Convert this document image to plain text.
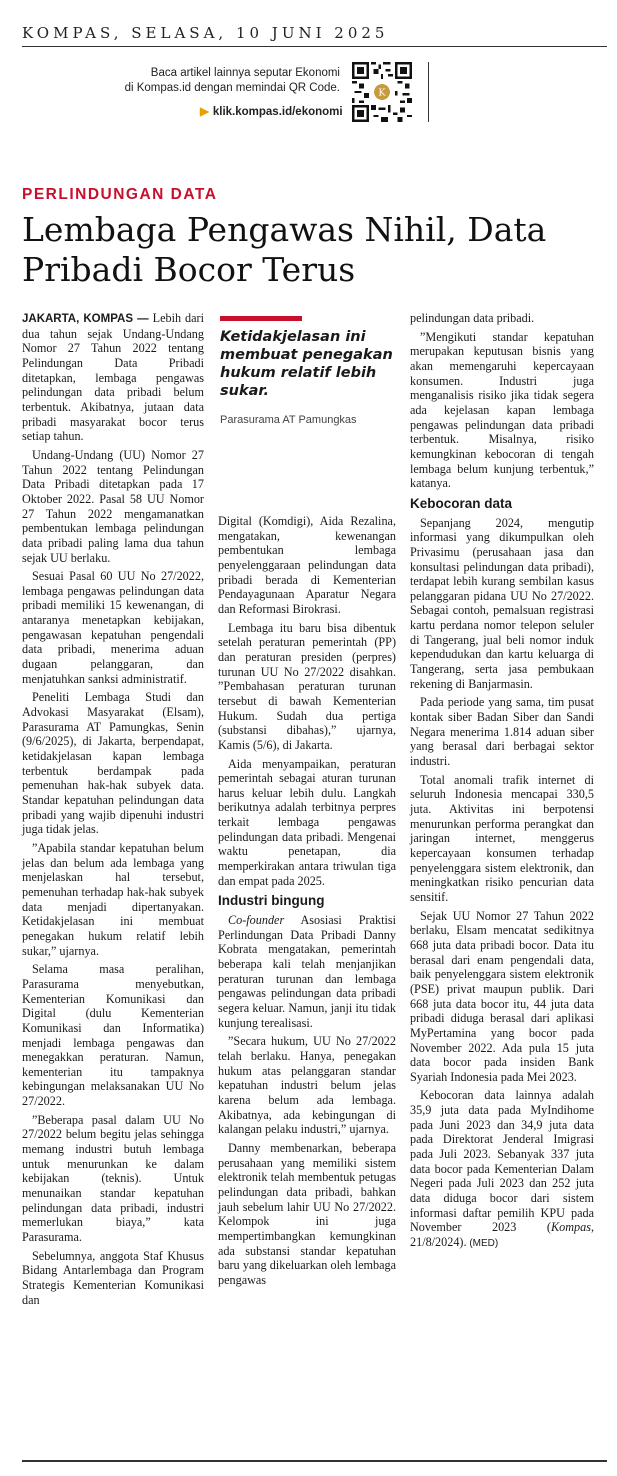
KOMPAS, SELASA, 10 JUNI 2025
Baca artikel lainnya seputar Ekonomi
di Kompas.id dengan memindai QR Code.
▶ klik.kompas.id/ekonomi
K
PERLINDUNGAN DATA
Lembaga Pengawas Nihil, Data Pribadi Bocor Terus

JAKARTA, KOMPAS — Lebih dari dua tahun sejak Undang-Undang Nomor 27 Tahun 2022 tentang Pelindungan Data Pribadi ditetapkan, lembaga pengawas pelindungan data pribadi belum terbentuk. Akibatnya, jutaan data pribadi masyarakat bocor terus setiap tahun.

Undang-Undang (UU) Nomor 27 Tahun 2022 tentang Pelindungan Data Pribadi ditetapkan pada 17 Oktober 2022. Pasal 58 UU Nomor 27 Tahun 2022 mengamanatkan pembentukan lembaga pelindungan data pribadi paling lama dua tahun sejak UU berlaku.

Sesuai Pasal 60 UU No 27/2022, lembaga pengawas pelindungan data pribadi memiliki 15 kewenangan, di antaranya menetapkan kebijakan, pengawasan kepatuhan pengendali data pribadi, menerima aduan dugaan pelanggaran, dan menjatuhkan sanksi administratif.

Peneliti Lembaga Studi dan Advokasi Masyarakat (Elsam), Parasurama AT Pamungkas, Senin (9/6/2025), di Jakarta, berpendapat, ketidakjelasan kapan lembaga terbentuk berdampak pada pemenuhan hak-hak subyek data. Standar kepatuhan pelindungan data pribadi yang wajib dipenuhi industri juga tidak jelas.

”Apabila standar kepatuhan belum jelas dan belum ada lembaga yang menjelaskan hal tersebut, pemenuhan terhadap hak-hak subyek data menjadi dipertanyakan. Ketidakjelasan ini membuat penegakan hukum relatif lebih sukar,” ujarnya.

Selama masa peralihan, Parasurama menyebutkan, Kementerian Komunikasi dan Digital (dulu Kementerian Komunikasi dan Informatika) menjadi lembaga pengawas dan menegakkan peraturan. Namun, kementerian itu tampaknya kebingungan melaksanakan UU No 27/2022.

”Beberapa pasal dalam UU No 27/2022 belum begitu jelas sehingga memang industri butuh lembaga untuk menurunkan ke dalam kebijakan (teknis). Untuk menunaikan standar kepatuhan pelindungan data pribadi, industri memerlukan biaya,” kata Parasurama.

Sebelumnya, anggota Staf Khusus Bidang Antarlembaga dan Program Strategis Kementerian Komunikasi dan

Ketidakjelasan ini membuat penegakan hukum relatif lebih sukar.
Parasurama AT Pamungkas

Digital (Komdigi), Aida Rezalina, mengatakan, kewenangan pembentukan lembaga penyelenggaraan pelindungan data pribadi berada di Kementerian Pendayagunaan Aparatur Negara dan Reformasi Birokrasi.

Lembaga itu baru bisa dibentuk setelah peraturan pemerintah (PP) dan peraturan presiden (perpres) turunan UU No 27/2022 disahkan. ”Pembahasan peraturan turunan tersebut di bawah Kementerian Hukum. Sudah dua pertiga (substansi dibahas),” ujarnya, Kamis (5/6), di Jakarta.

Aida menyampaikan, peraturan pemerintah sebagai aturan turunan harus keluar lebih dulu. Langkah berikutnya adalah terbitnya perpres terkait lembaga pengawas pelindungan data pribadi. Mengenai waktu penetapan, dia memperkirakan antara triwulan tiga dan empat pada 2025.

Industri bingung

Co-founder Asosiasi Praktisi Perlindungan Data Pribadi Danny Kobrata mengatakan, pemerintah beberapa kali telah menjanjikan peraturan turunan dan lembaga pengawas pelindungan data pribadi segera keluar. Namun, janji itu tidak kunjung terealisasi.

”Secara hukum, UU No 27/2022 telah berlaku. Hanya, penegakan hukum atas pelanggaran standar kepatuhan industri belum jelas karena belum ada lembaga. Akibatnya, ada kebingungan di kalangan pelaku industri,” ujarnya.

Danny membenarkan, beberapa perusahaan yang memiliki sistem elektronik telah membentuk petugas pelindungan data pribadi, bahkan jauh sebelum lahir UU No 27/2022. Kelompok ini juga mempertimbangkan kemungkinan ada substansi standar kepatuhan baru yang dikeluarkan oleh lembaga pengawas

pelindungan data pribadi.

”Mengikuti standar kepatuhan merupakan keputusan bisnis yang akan memengaruhi kepercayaan konsumen. Industri juga menganalisis risiko jika tidak segera ada kejelasan kapan lembaga pengawas pelindungan data pribadi terbentuk. Misalnya, risiko kemungkinan kebocoran di tengah lembaga belum kunjung terbentuk,” katanya.

Kebocoran data

Sepanjang 2024, mengutip informasi yang dikumpulkan oleh Privasimu (perusahaan jasa dan konsultasi pelindungan data pribadi), terdapat lebih kurang sembilan kasus pelanggaran pidana UU No 27/2022. Sebagai contoh, pemalsuan registrasi kartu perdana nomor telepon seluler di Tangerang, jual beli nomor induk kependudukan dan kartu keluarga di Tangerang, serta jasa pembukaan rekening di Banjarmasin.

Pada periode yang sama, tim pusat kontak siber Badan Siber dan Sandi Negara menerima 1.814 aduan siber yang berasal dari berbagai sektor industri.

Total anomali trafik internet di seluruh Indonesia mencapai 330,5 juta. Aktivitas ini berpotensi menurunkan performa perangkat dan jaringan internet, menggerus kepercayaan konsumen terhadap penyelenggara sistem elektronik, dan meningkatkan risiko pencurian data sensitif.

Sejak UU Nomor 27 Tahun 2022 berlaku, Elsam mencatat sedikitnya 668 juta data pribadi bocor. Data itu berasal dari enam pengendali data, baik penyelenggara sistem elektronik (PSE) privat maupun publik. Dari 668 juta data bocor itu, 44 juta data pribadi diduga berasal dari aplikasi MyPertamina yang bocor pada November 2022. Ada pula 15 juta data bocor pada insiden Bank Syariah Indonesia pada Mei 2023.

Kebocoran data lainnya adalah 35,9 juta data pada MyIndihome pada Juni 2023 dan 34,9 juta data pada Direktorat Jenderal Imigrasi pada Juli 2023. Sebanyak 337 juta data bocor pada Kementerian Dalam Negeri pada Juli 2023 dan 252 juta data diduga bocor dari sistem informasi daftar pemilih KPU pada November 2023 (Kompas, 21/8/2024). (MED)
